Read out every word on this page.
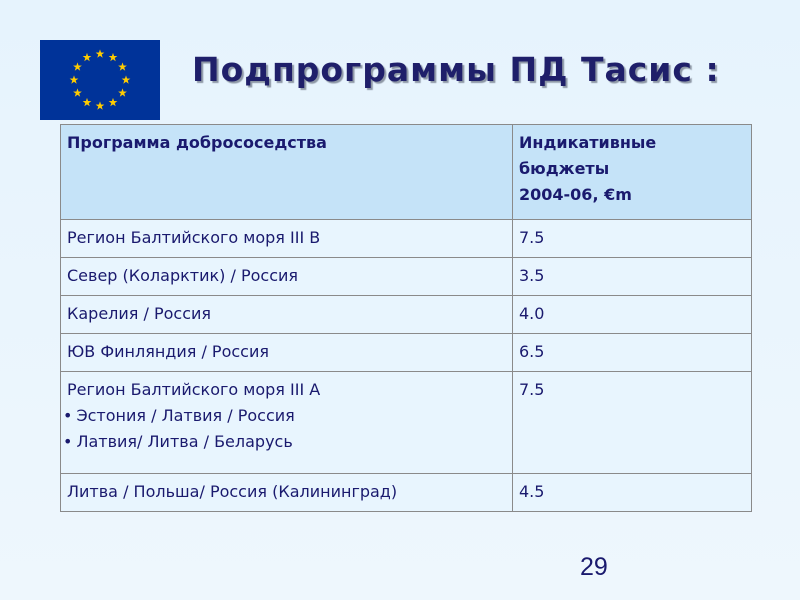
Подпрограммы ПД Тасис :
Программа добрососедства	Индикативные
бюджеты
2004-06, €m

Регион Балтийского моря III B	7.5
Север (Коларктик) / Россия	3.5
Карелия / Россия	4.0
ЮВ Финляндия / Россия	6.5

Регион Балтийского моря III A
• Эстония / Латвия / Россия
• Латвия/ Литва / Беларусь	7.5
Литва / Польша/ Россия (Калининград)	4.5
29
